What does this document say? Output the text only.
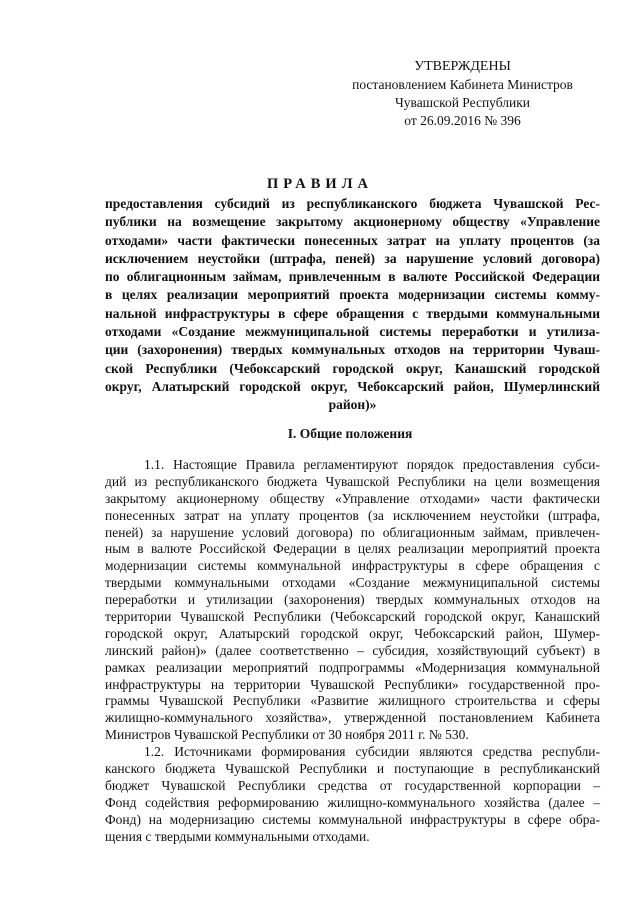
УТВЕРЖДЕНЫ
постановлением Кабинета Министров
Чувашской Республики
от 26.09.2016 № 396
ПРАВИЛА
предоставления субсидий из республиканского бюджета Чувашской Рес-
публики на возмещение закрытому акционерному обществу «Управление
отходами» части фактически понесенных затрат на уплату процентов (за
исключением неустойки (штрафа, пеней) за нарушение условий договора)
по облигационным займам, привлеченным в валюте Российской Федерации
в целях реализации мероприятий проекта модернизации системы комму-
нальной инфраструктуры в сфере обращения с твердыми коммунальными
отходами «Создание межмуниципальной системы переработки и утилиза-
ции (захоронения) твердых коммунальных отходов на территории Чуваш-
ской Республики (Чебоксарский городской округ, Канашский городской
округ, Алатырский городской округ, Чебоксарский район, Шумерлинский
район)»
I. Общие положения
1.1. Настоящие Правила регламентируют порядок предоставления субси-
дий из республиканского бюджета Чувашской Республики на цели возмещения
закрытому акционерному обществу «Управление отходами» части фактически
понесенных затрат на уплату процентов (за исключением неустойки (штрафа,
пеней) за нарушение условий договора) по облигационным займам, привлечен-
ным в валюте Российской Федерации в целях реализации мероприятий проекта
модернизации системы коммунальной инфраструктуры в сфере обращения с
твердыми коммунальными отходами «Создание межмуниципальной системы
переработки и утилизации (захоронения) твердых коммунальных отходов на
территории Чувашской Республики (Чебоксарский городской округ, Канашский
городской округ, Алатырский городской округ, Чебоксарский район, Шумер-
линский район)» (далее соответственно – субсидия, хозяйствующий субъект) в
рамках реализации мероприятий подпрограммы «Модернизация коммунальной
инфраструктуры на территории Чувашской Республики» государственной про-
граммы Чувашской Республики «Развитие жилищного строительства и сферы
жилищно-коммунального хозяйства», утвержденной постановлением Кабинета
Министров Чувашской Республики от 30 ноября 2011 г. № 530.
1.2. Источниками формирования субсидии являются средства республи-
канского бюджета Чувашской Республики и поступающие в республиканский
бюджет Чувашской Республики средства от государственной корпорации –
Фонд содействия реформированию жилищно-коммунального хозяйства (далее –
Фонд) на модернизацию системы коммунальной инфраструктуры в сфере обра-
щения с твердыми коммунальными отходами.
